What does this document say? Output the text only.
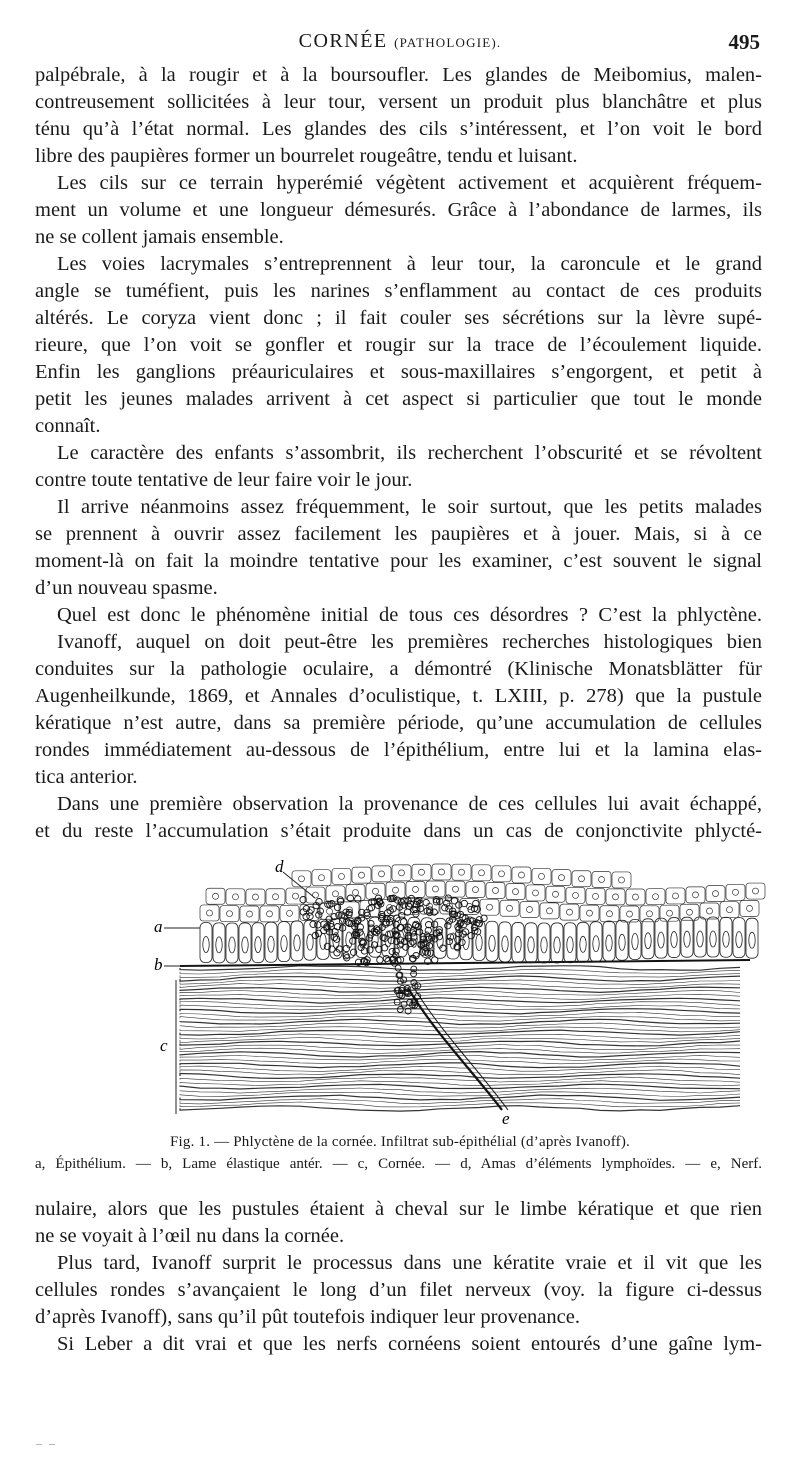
CORNÉE (PATHOLOGIE).	495
palpébrale, à la rougir et à la boursoufler. Les glandes de Meibomius, malen-
contreusement sollicitées à leur tour, versent un produit plus blanchâtre et plus
ténu qu’à l’état normal. Les glandes des cils s’intéressent, et l’on voit le bord
libre des paupières former un bourrelet rougeâtre, tendu et luisant.
Les cils sur ce terrain hyperémié végètent activement et acquièrent fréquem-
ment un volume et une longueur démesurés. Grâce à l’abondance de larmes, ils
ne se collent jamais ensemble.
Les voies lacrymales s’entreprennent à leur tour, la caroncule et le grand
angle se tuméfient, puis les narines s’enflamment au contact de ces produits
altérés. Le coryza vient donc ; il fait couler ses sécrétions sur la lèvre supé-
rieure, que l’on voit se gonfler et rougir sur la trace de l’écoulement liquide.
Enfin les ganglions préauriculaires et sous-maxillaires s’engorgent, et petit à
petit les jeunes malades arrivent à cet aspect si particulier que tout le monde
connaît.
Le caractère des enfants s’assombrit, ils recherchent l’obscurité et se révoltent
contre toute tentative de leur faire voir le jour.
Il arrive néanmoins assez fréquemment, le soir surtout, que les petits malades
se prennent à ouvrir assez facilement les paupières et à jouer. Mais, si à ce
moment-là on fait la moindre tentative pour les examiner, c’est souvent le signal
d’un nouveau spasme.
Quel est donc le phénomène initial de tous ces désordres ? C’est la phlyctène.
Ivanoff, auquel on doit peut-être les premières recherches histologiques bien
conduites sur la pathologie oculaire, a démontré (Klinische Monatsblätter für
Augenheilkunde, 1869, et Annales d’oculistique, t. LXIII, p. 278) que la pustule
kératique n’est autre, dans sa première période, qu’une accumulation de cellules
rondes immédiatement au-dessous de l’épithélium, entre lui et la lamina elas-
tica anterior.
Dans une première observation la provenance de ces cellules lui avait échappé,
et du reste l’accumulation s’était produite dans un cas de conjonctivite phlycté-
d
a
b
c
e
Fig. 1. — Phlyctène de la cornée. Infiltrat sub-épithélial (d’après Ivanoff).
a, Épithélium. — b, Lame élastique antér. — c, Cornée. — d, Amas d’éléments lymphoïdes. — e, Nerf.
nulaire, alors que les pustules étaient à cheval sur le limbe kératique et que rien
ne se voyait à l’œil nu dans la cornée.
Plus tard, Ivanoff surprit le processus dans une kératite vraie et il vit que les
cellules rondes s’avançaient le long d’un filet nerveux (voy. la figure ci-dessus
d’après Ivanoff), sans qu’il pût toutefois indiquer leur provenance.
Si Leber a dit vrai et que les nerfs cornéens soient entourés d’une gaîne lym-
– –
